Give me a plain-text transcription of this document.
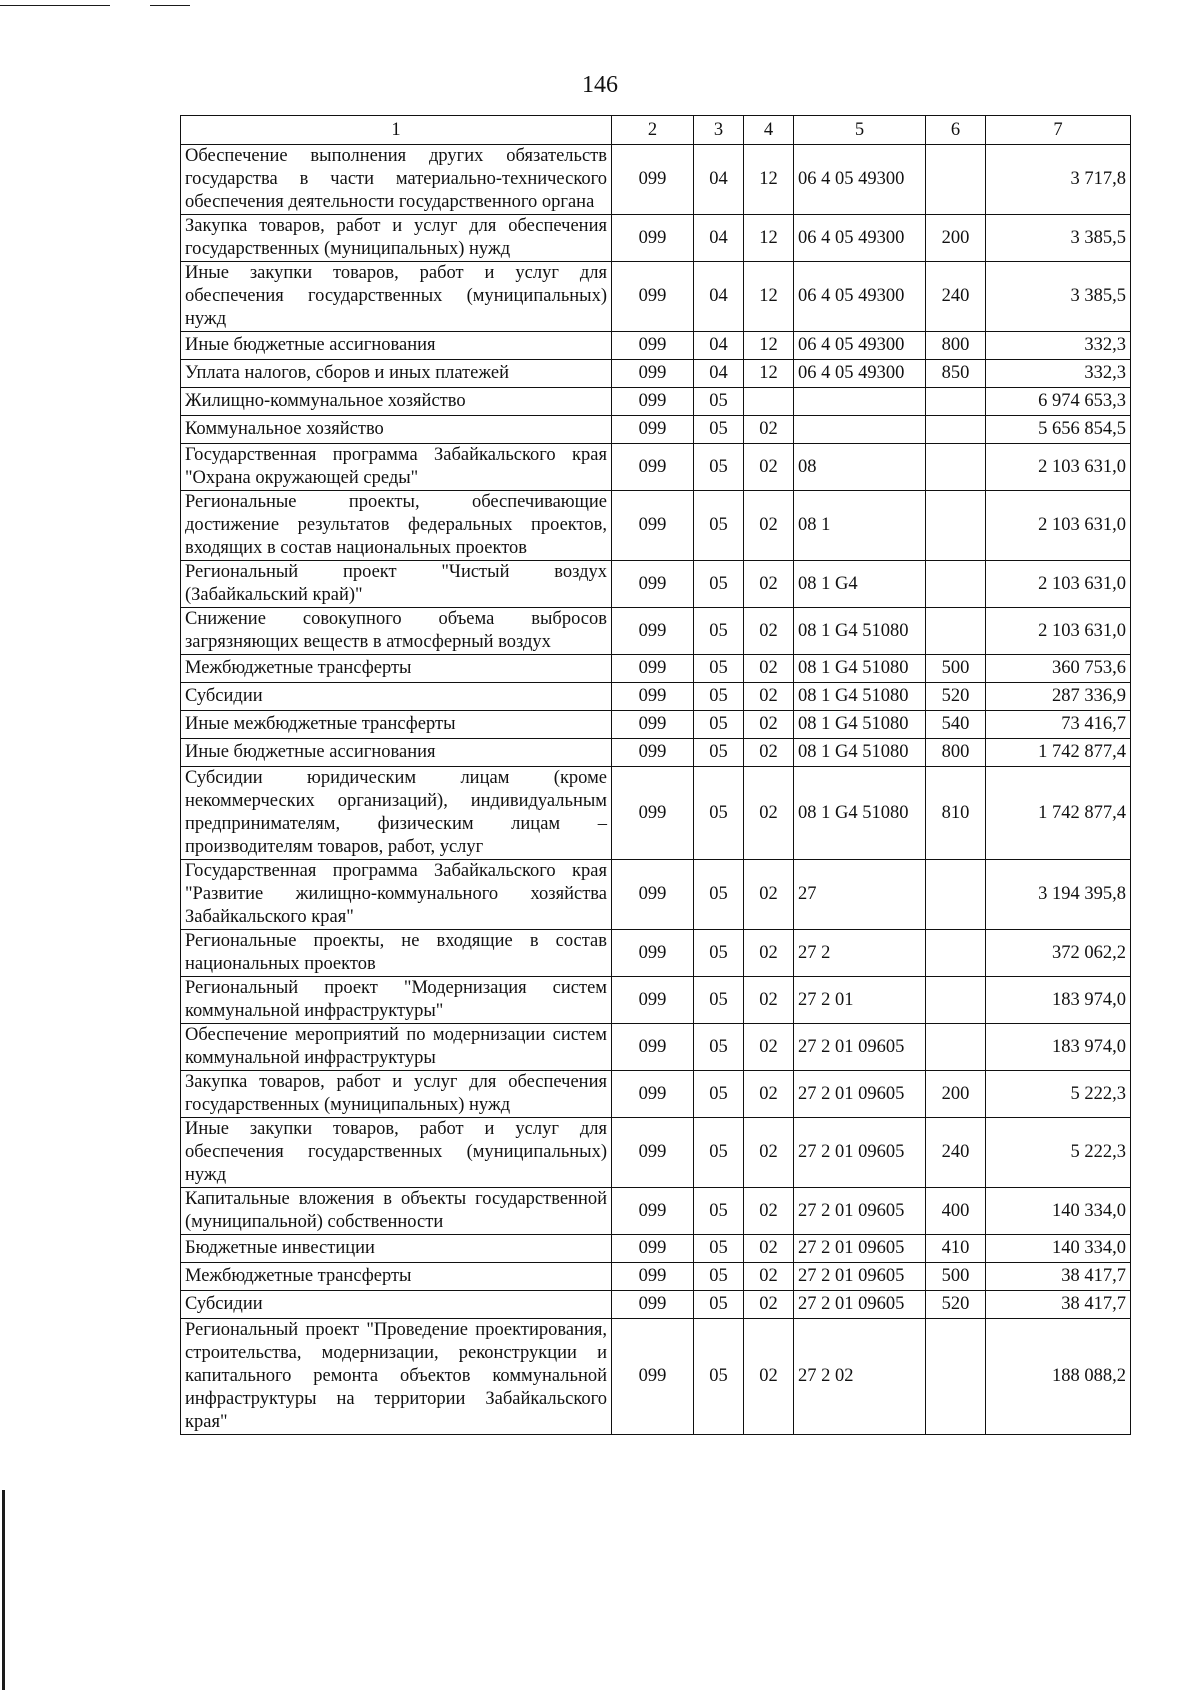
146
1	2	3	4	5	6	7
Обеспечение выполнения других обязательств государства в части материально-технического обеспечения деятельности государственного органа	099	04	12	06 4 05 49300		3 717,8
Закупка товаров, работ и услуг для обеспечения государственных (муниципальных) нужд	099	04	12	06 4 05 49300	200	3 385,5
Иные закупки товаров, работ и услуг для обеспечения государственных (муниципальных) нужд	099	04	12	06 4 05 49300	240	3 385,5
Иные бюджетные ассигнования	099	04	12	06 4 05 49300	800	332,3
Уплата налогов, сборов и иных платежей	099	04	12	06 4 05 49300	850	332,3
Жилищно-коммунальное хозяйство	099	05				6 974 653,3
Коммунальное хозяйство	099	05	02			5 656 854,5
Государственная программа Забайкальского края "Охрана окружающей среды"	099	05	02	08		2 103 631,0
Региональные проекты, обеспечивающие достижение результатов федеральных проектов, входящих в состав национальных проектов	099	05	02	08 1		2 103 631,0
Региональный проект "Чистый воздух (Забайкальский край)"	099	05	02	08 1 G4		2 103 631,0
Снижение совокупного объема выбросов загрязняющих веществ в атмосферный воздух	099	05	02	08 1 G4 51080		2 103 631,0
Межбюджетные трансферты	099	05	02	08 1 G4 51080	500	360 753,6
Субсидии	099	05	02	08 1 G4 51080	520	287 336,9
Иные межбюджетные трансферты	099	05	02	08 1 G4 51080	540	73 416,7
Иные бюджетные ассигнования	099	05	02	08 1 G4 51080	800	1 742 877,4
Субсидии юридическим лицам (кроме некоммерческих организаций), индивидуальным предпринимателям, физическим лицам – производителям товаров, работ, услуг	099	05	02	08 1 G4 51080	810	1 742 877,4
Государственная программа Забайкальского края "Развитие жилищно-коммунального хозяйства Забайкальского края"	099	05	02	27		3 194 395,8
Региональные проекты, не входящие в состав национальных проектов	099	05	02	27 2		372 062,2
Региональный проект "Модернизация систем коммунальной инфраструктуры"	099	05	02	27 2 01		183 974,0
Обеспечение мероприятий по модернизации систем коммунальной инфраструктуры	099	05	02	27 2 01 09605		183 974,0
Закупка товаров, работ и услуг для обеспечения государственных (муниципальных) нужд	099	05	02	27 2 01 09605	200	5 222,3
Иные закупки товаров, работ и услуг для обеспечения государственных (муниципальных) нужд	099	05	02	27 2 01 09605	240	5 222,3
Капитальные вложения в объекты государственной (муниципальной) собственности	099	05	02	27 2 01 09605	400	140 334,0
Бюджетные инвестиции	099	05	02	27 2 01 09605	410	140 334,0
Межбюджетные трансферты	099	05	02	27 2 01 09605	500	38 417,7
Субсидии	099	05	02	27 2 01 09605	520	38 417,7
Региональный проект "Проведение проектирования, строительства, модернизации, реконструкции и капитального ремонта объектов коммунальной инфраструктуры на территории Забайкальского края"	099	05	02	27 2 02		188 088,2
